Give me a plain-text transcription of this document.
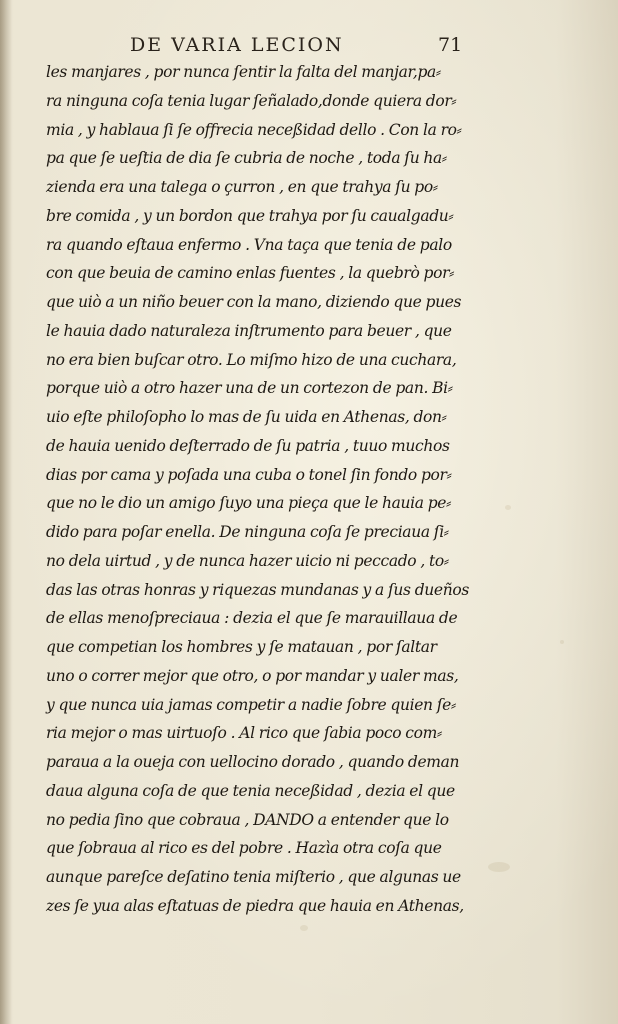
DE VARIA LECION	71
les manjares , por nunca ſentir la falta del manjar,pa⸗
ra ninguna coſa tenia lugar ſeñalado,donde quiera dor⸗
mia , y hablaua ſi ſe offrecia neceßidad dello . Con la ro⸗
pa que ſe ueſtia de dia ſe cubria de noche , toda ſu ha⸗
zienda era una talega o çurron , en que trahya ſu po⸗
bre comida , y un bordon que trahya por ſu caualgadu⸗
ra quando eſtaua enfermo . Vna taça que tenia de palo
con que beuia de camino enlas fuentes , la quebrò por⸗
que uiò a un niño beuer con la mano, diziendo que pues
le hauia dado naturaleza inſtrumento para beuer , que
no era bien buſcar otro. Lo miſmo hizo de una cuchara,
porque uiò a otro hazer una de un cortezon de pan. Bi⸗
uio eſte philoſopho lo mas de ſu uida en Athenas, don⸗
de hauia uenido deſterrado de ſu patria , tuuo muchos
dias por cama y poſada una cuba o tonel ſin fondo por⸗
que no le dio un amigo ſuyo una pieça que le hauia pe⸗
dido para poſar enella. De ninguna coſa ſe preciaua ſi⸗
no dela uirtud , y de nunca hazer uicio ni peccado , to⸗
das las otras honras y riquezas mundanas y a ſus dueños
de ellas menoſpreciaua : dezia el que ſe marauillaua de
que competian los hombres y ſe matauan , por ſaltar
uno o correr mejor que otro, o por mandar y ualer mas,
y que nunca uia jamas competir a nadie ſobre quien ſe⸗
ria mejor o mas uirtuoſo . Al rico que ſabia poco com⸗
paraua a la oueja con uellocino dorado , quando deman
daua alguna coſa de que tenia neceßidad , dezia el que
no pedia ſino que cobraua , DANDO a entender que lo
que ſobraua al rico es del pobre . Hazìa otra coſa que
aunque pareſce deſatino tenia miſterio , que algunas ue
zes ſe yua alas eſtatuas de piedra que hauia en Athenas,
